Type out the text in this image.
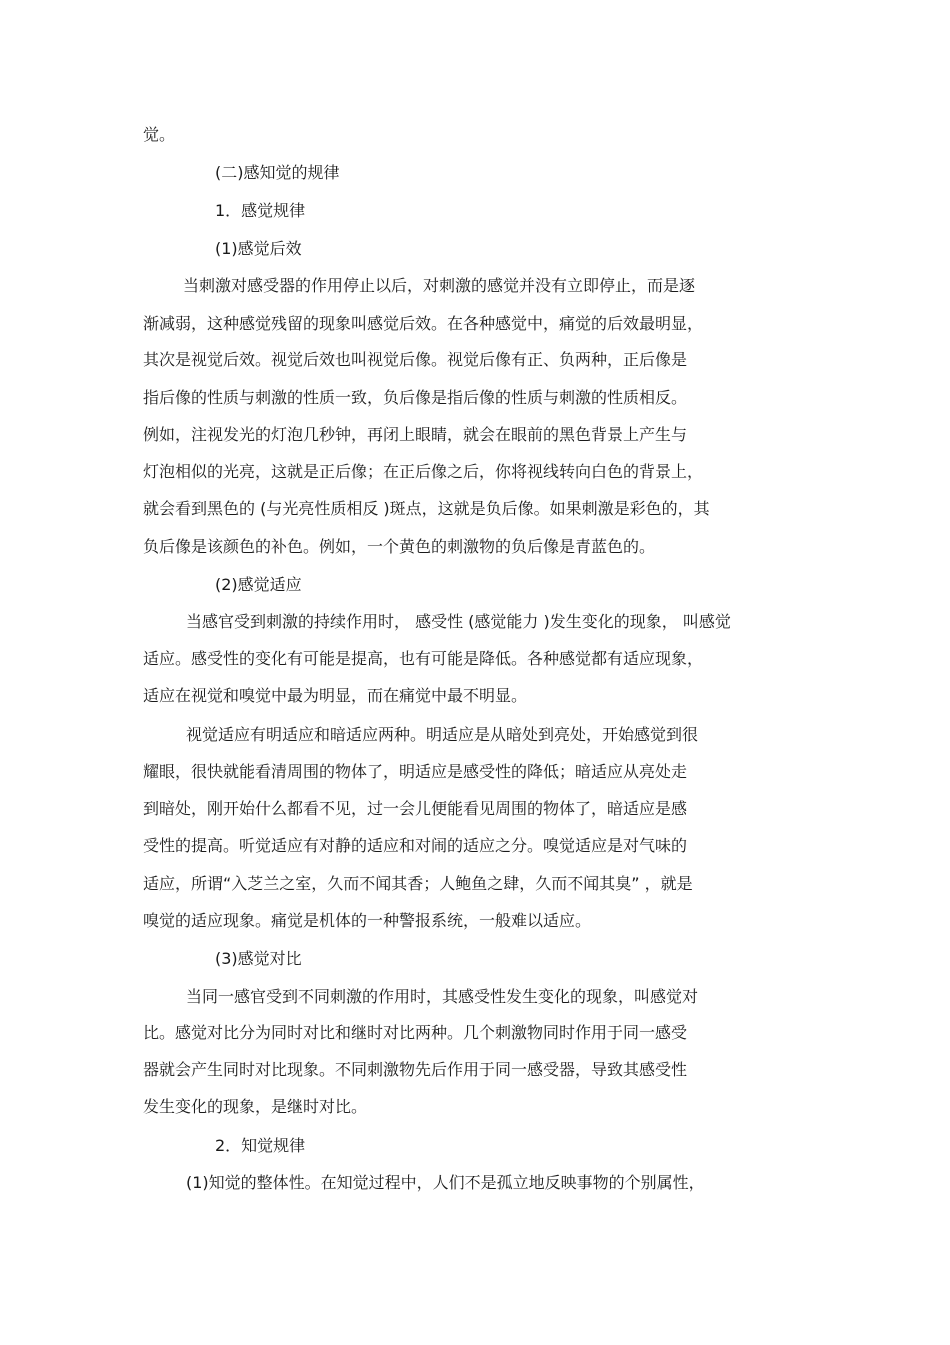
觉。
(二)感知觉的规律
1．感觉规律
(1)感觉后效
当刺激对感受器的作用停止以后，对刺激的感觉并没有立即停止，而是逐
渐减弱，这种感觉残留的现象叫感觉后效。在各种感觉中，痛觉的后效最明显，
其次是视觉后效。视觉后效也叫视觉后像。视觉后像有正、负两种，正后像是
指后像的性质与刺激的性质一致，负后像是指后像的性质与刺激的性质相反。
例如，注视发光的灯泡几秒钟，再闭上眼睛，就会在眼前的黑色背景上产生与
灯泡相似的光亮，这就是正后像；在正后像之后，你将视线转向白色的背景上，
就会看到黑色的 (与光亮性质相反 )斑点，这就是负后像。如果刺激是彩色的，其
负后像是该颜色的补色。例如，一个黄色的刺激物的负后像是青蓝色的。
(2)感觉适应
当感官受到刺激的持续作用时， 感受性 (感觉能力 )发生变化的现象， 叫感觉
适应。感受性的变化有可能是提高，也有可能是降低。各种感觉都有适应现象，
适应在视觉和嗅觉中最为明显，而在痛觉中最不明显。
视觉适应有明适应和暗适应两种。明适应是从暗处到亮处，开始感觉到很
耀眼，很快就能看清周围的物体了，明适应是感受性的降低；暗适应从亮处走
到暗处，刚开始什么都看不见，过一会儿便能看见周围的物体了，暗适应是感
受性的提高。听觉适应有对静的适应和对闹的适应之分。嗅觉适应是对气味的
适应，所谓“入芝兰之室，久而不闻其香；人鲍鱼之肆，久而不闻其臭” ，就是
嗅觉的适应现象。痛觉是机体的一种警报系统，一般难以适应。
(3)感觉对比
当同一感官受到不同刺激的作用时，其感受性发生变化的现象，叫感觉对
比。感觉对比分为同时对比和继时对比两种。几个刺激物同时作用于同一感受
器就会产生同时对比现象。不同刺激物先后作用于同一感受器，导致其感受性
发生变化的现象，是继时对比。
2．知觉规律
(1)知觉的整体性。在知觉过程中，人们不是孤立地反映事物的个别属性，
